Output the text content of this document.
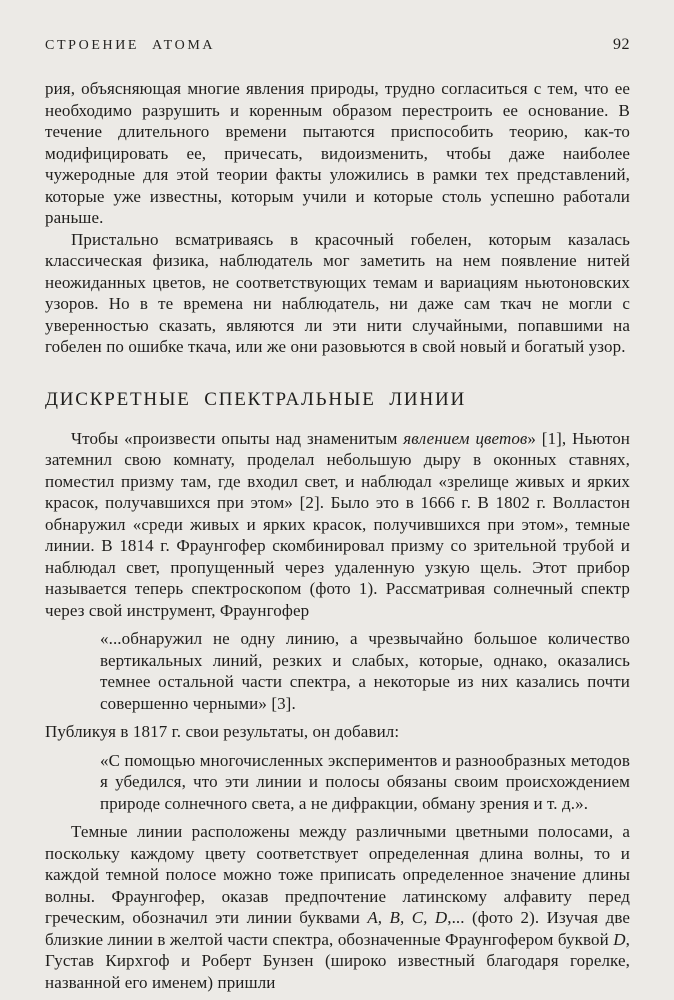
СТРОЕНИЕ АТОМА	92

рия, объясняющая многие явления природы, трудно согласиться с тем, что ее необходимо разрушить и коренным образом перестроить ее основание. В течение длительного времени пытаются приспособить теорию, как-то модифицировать ее, причесать, видоизменить, чтобы даже наиболее чужеродные для этой теории факты уложились в рамки тех представлений, которые уже известны, которым учили и которые столь успешно работали раньше.

Пристально всматриваясь в красочный гобелен, которым казалась классическая физика, наблюдатель мог заметить на нем появление нитей неожиданных цветов, не соответствующих темам и вариациям ньютоновских узоров. Но в те времена ни наблюдатель, ни даже сам ткач не могли с уверенностью сказать, являются ли эти нити случайными, попавшими на гобелен по ошибке ткача, или же они разовьются в свой новый и богатый узор.

ДИСКРЕТНЫЕ СПЕКТРАЛЬНЫЕ ЛИНИИ

Чтобы «произвести опыты над знаменитым явлением цветов» [1], Ньютон затемнил свою комнату, проделал небольшую дыру в оконных ставнях, поместил призму там, где входил свет, и наблюдал «зрелище живых и ярких красок, получавшихся при этом» [2]. Было это в 1666 г. В 1802 г. Волластон обнаружил «среди живых и ярких красок, получившихся при этом», темные линии. В 1814 г. Фраунгофер скомбинировал призму со зрительной трубой и наблюдал свет, пропущенный через удаленную узкую щель. Этот прибор называется теперь спектроскопом (фото 1). Рассматривая солнечный спектр через свой инструмент, Фраунгофер

«...обнаружил не одну линию, а чрезвычайно большое количество вертикальных линий, резких и слабых, которые, однако, оказались темнее остальной части спектра, а некоторые из них казались почти совершенно черными» [3].

Публикуя в 1817 г. свои результаты, он добавил:

«С помощью многочисленных экспериментов и разнообразных методов я убедился, что эти линии и полосы обязаны своим происхождением природе солнечного света, а не дифракции, обману зрения и т. д.».

Темные линии расположены между различными цветными полосами, а поскольку каждому цвету соответствует определенная длина волны, то и каждой темной полосе можно тоже приписать определенное значение длины волны. Фраунгофер, оказав предпочтение латинскому алфавиту перед греческим, обозначил эти линии буквами A, B, C, D,... (фото 2). Изучая две близкие линии в желтой части спектра, обозначенные Фраунгофером буквой D, Густав Кирхгоф и Роберт Бунзен (широко известный благодаря горелке, названной его именем) пришли
